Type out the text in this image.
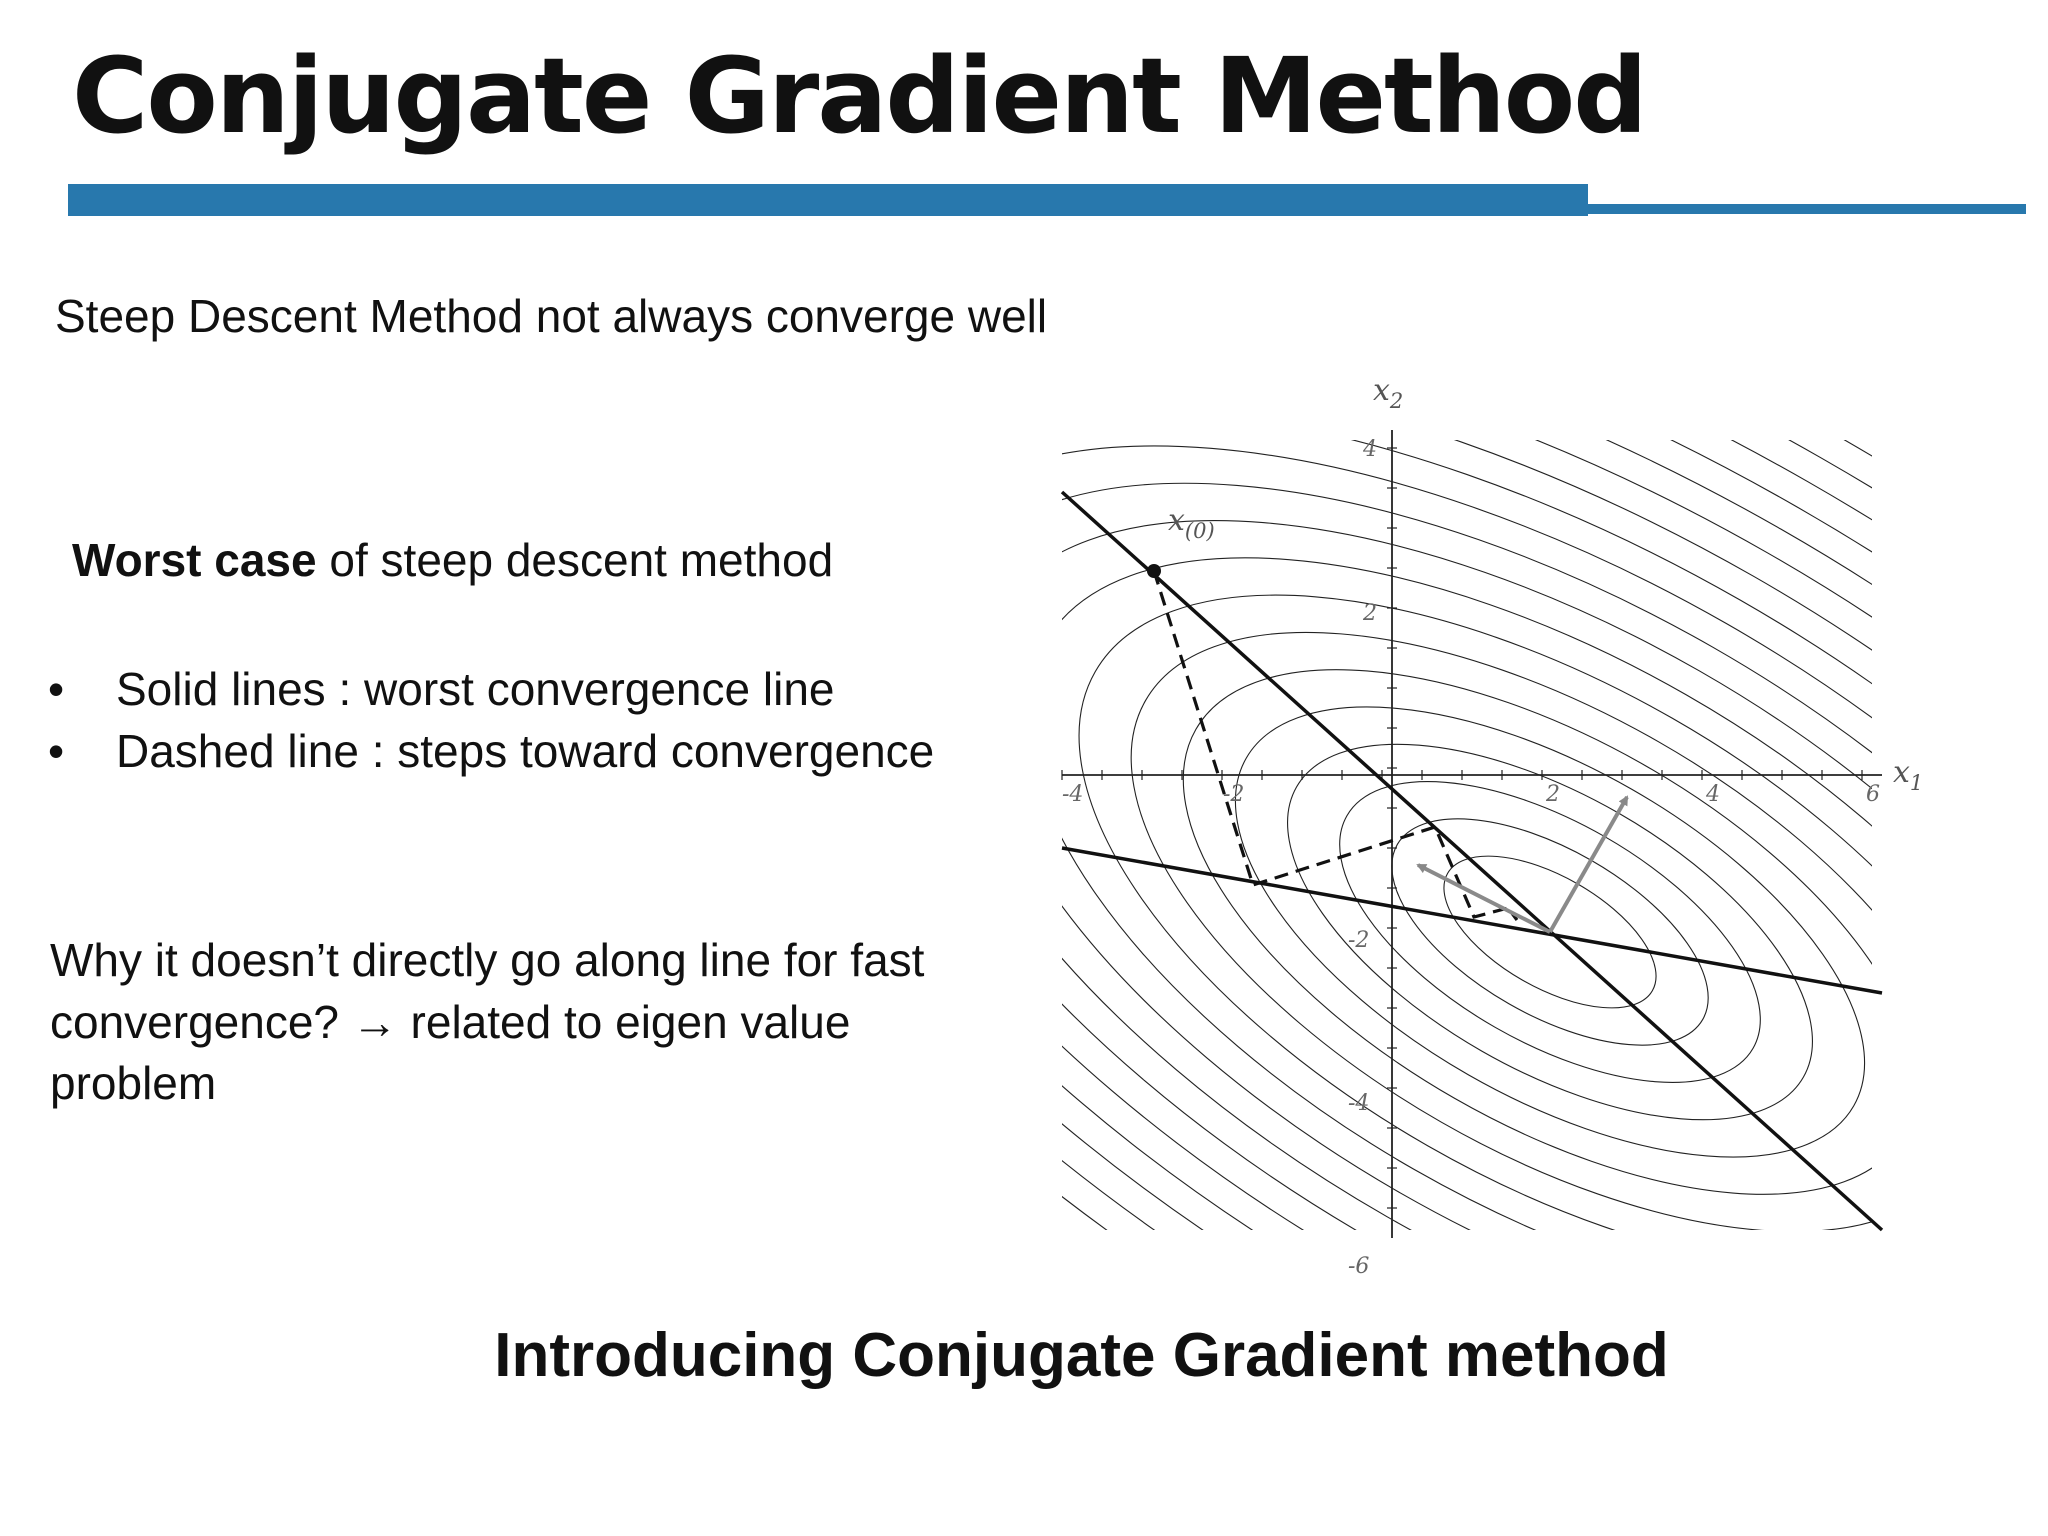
Conjugate Gradient Method
Steep Descent Method not always converge well
Worst case of steep descent method
• Solid lines : worst convergence line
• Dashed line : steps toward convergence
Why it doesn’t directly go along line for fast
convergence? → related to eigen value
problem
Introducing Conjugate Gradient method
-4	-2	2	4	6
4
2
-2
-4
-6
$x_1$
$x_2$
$x_{(0)}$
